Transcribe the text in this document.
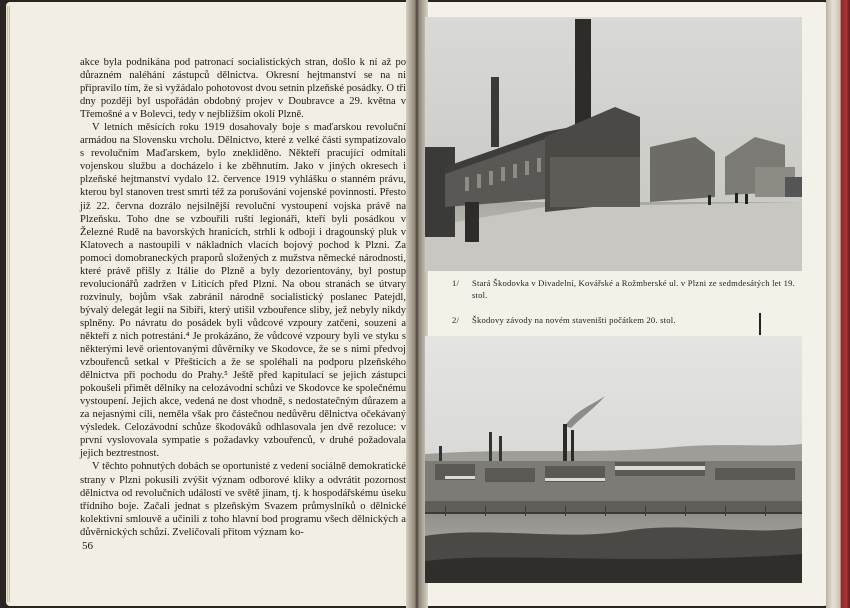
akce byla podnikána pod patronací socialistických stran, došlo k ní až po důrazném naléhání zástupců dělnictva. Okresní hejtmanství se na ni připravilo tím, že si vyžádalo pohotovost dvou setnin plzeňské posádky. O tři dny později byl uspořádán obdobný projev v Doubravce a 29. května v Třemošné a v Bolevci, tedy v nejbližším okolí Plzně.

V letních měsících roku 1919 dosahovaly boje s maďarskou revoluční armádou na Slovensku vrcholu. Dělnictvo, které z velké části sympatizovalo s revolučním Maďarskem, bylo znekliděno. Někteří pracující odmítali vojenskou službu a docházelo i ke zběhnutím. Jako v jiných okresech i plzeňské hejtmanství vydalo 12. července 1919 vyhlášku o stanném právu, kterou byl stanoven trest smrti též za porušování vojenské povinnosti. Přesto již 22. června dozrálo nejsilnější revoluční vystoupení vojska právě na Plzeňsku. Toho dne se vzbouřili ruští legionáři, kteří byli posádkou v Železné Rudě na bavorských hranicích, strhli k odboji i dragounský pluk v Klatovech a nastoupili v nákladních vlacích bojový pochod k Plzni. Za pomoci domobraneckých praporů složených z mužstva německé národnosti, které právě přišly z Itálie do Plzně a byly dezorientovány, byl postup revolucionářů zadržen v Liticích před Plzní. Na obou stranách se útvary rozvinuly, bojům však zabránil národně socialistický poslanec Patejdl, bývalý delegát legií na Sibiři, který utišil vzbouřence sliby, jež nebyly nikdy splněny. Po návratu do posádek byli vůdcové vzpoury zatčeni, souzeni a někteří z nich potrestáni.⁴ Je prokázáno, že vůdcové vzpoury byli ve styku s některými levě orientovanými důvěrníky ve Skodovce, že se s nimi předvoj vzbouřenců setkal v Přešticích a že se spoléhali na podporu plzeňského dělnictva při pochodu do Prahy.⁵ Ještě před kapitulací se jejich zástupci pokoušeli přimět dělníky na celozávodní schůzi ve Skodovce ke společnému vystoupení. Jejich akce, vedená ne dost vhodně, s nedostatečným důrazem a za nejasnými cíli, neměla však pro částečnou nedůvěru dělnictva očekávaný výsledek. Celozávodní schůze škodováků odhlasovala jen dvě rezoluce: v první vyslovovala sympatie s požadavky vzbouřenců, v druhé požadovala jejich beztrestnost.

V těchto pohnutých dobách se oportunisté z vedení sociálně demokratické strany v Plzni pokusili zvýšit význam odborové kliky a odvrátit pozornost dělnictva od revolučních událostí ve světě jinam, tj. k hospodářskému úseku třídního boje. Začali jednat s plzeňským Svazem průmyslníků o dělnické kolektivní smlouvě a učinili z toho hlavní bod programu všech dělnických a důvěrnických schůzí. Zveličovali přitom význam ko-

56
1/ Stará Škodovka v Divadelní, Kovářské a Rožmberské ul. v Plzni ze sedmdesátých let 19. stol.
2/ Škodovy závody na novém staveništi počátkem 20. stol.
